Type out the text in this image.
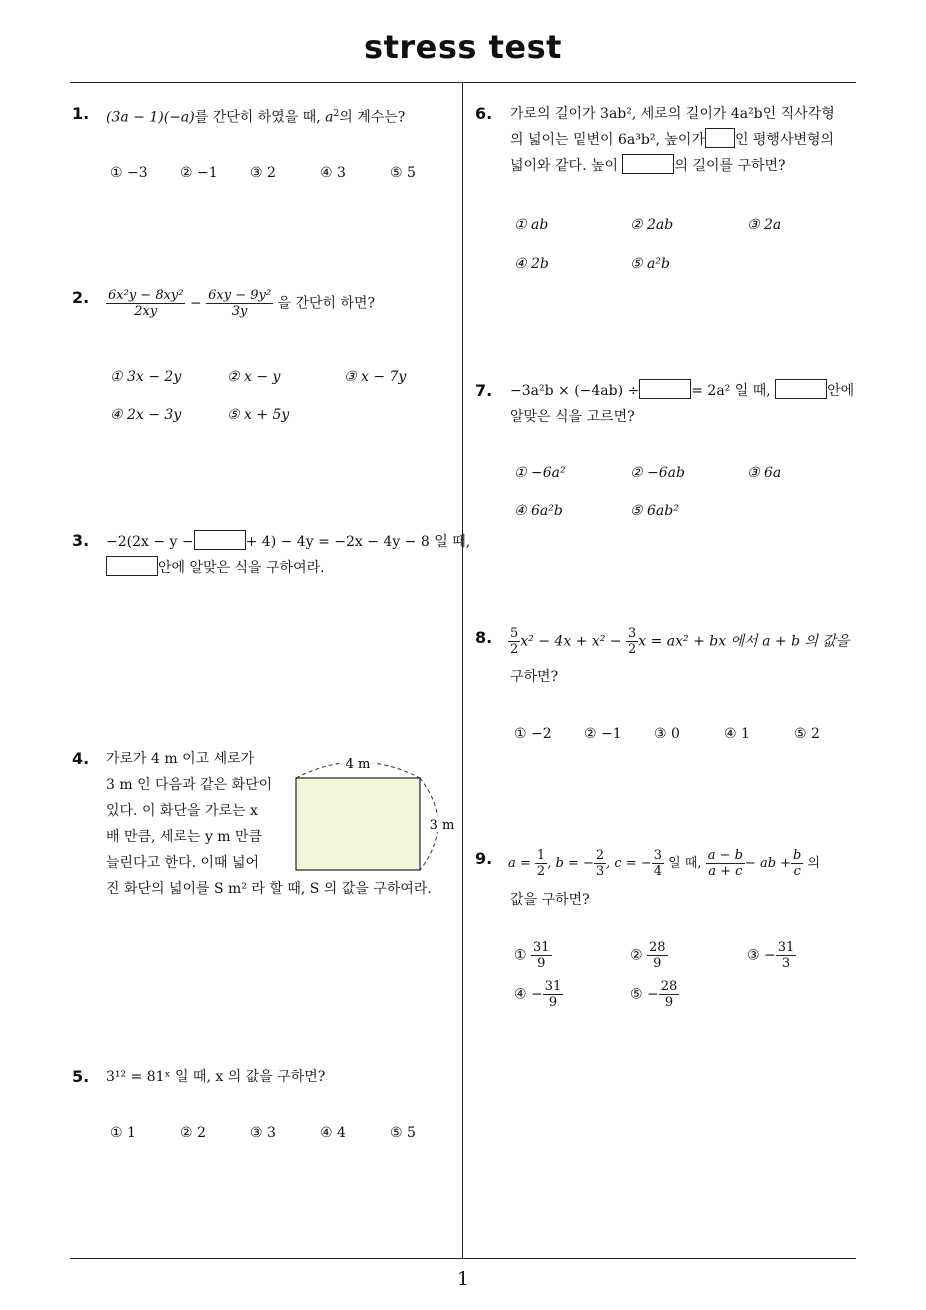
stress test
1
1. (3a − 1)(−a)를 간단히 하였을 때, $a^2$의 계수는?
① −3 ② −1 ③ 2	④ 3	⑤ 5
2. $\frac{\text{6x²y − 8xy²}}{2xy} - \frac{\text{6xy − 9y²}}{3y}$ 을 간단히 하면?
① 3x − 2y	② x − y	③ x − 7y
④ 2x − 3y	⑤ x + 5y
3. −2(2x − y −	+ 4) − 4y = −2x − 4y − 8 일 때,
안에 알맞은 식을 구하여라.
4. 가로가 4 m 이고 세로가
3 m 인 다음과 같은 화단이
있다. 이 화단을 가로는 x
배 만큼, 세로는 y m 만큼
늘린다고 한다. 이때 넓어
진 화단의 넓이를 S m² 라 할 때, S 의 값을 구하여라.
4 m
3 m
5. 3¹² = 81ˣ 일 때, x 의 값을 구하면?
① 1	② 2	③ 3	④ 4	⑤ 5
6. 가로의 길이가 3ab², 세로의 길이가 4a²b인 직사각형
의 넓이는 밑변이 6a³b², 높이가 인 평행사변형의
넓이와 같다. 높이	의 길이를 구하면?
① ab	② 2ab	③ 2a
④ 2b	⑤ a²b
7. −3a²b × (−4ab) ÷	= 2a² 일 때,	안에
알맞은 식을 고르면?
① −6a²	② −6ab	③ 6a
④ 6a²b	⑤ 6ab²
8. $\frac{5}{2} x^2 - 4x + x^2 - \frac{3}{2}$ x = ax² + bx 에서 a + b 의 값을
구하면?
① −2 ② −1 ③ 0	④ 1	⑤ 2
9. $a = \frac{1}{2}$ , b = − $\frac{2}{3}$ , c = − $\frac{3}{4}$ 일 때, $\frac{a - b}{a + c}$ − ab + $\frac{b}{c}$ 의
값을 구하면?
① $\frac{31}{9}$	② $\frac{28}{9}$	③ − $\frac{31}{3}$
④ − $\frac{31}{9}$	⑤ − $\frac{28}{9}$
